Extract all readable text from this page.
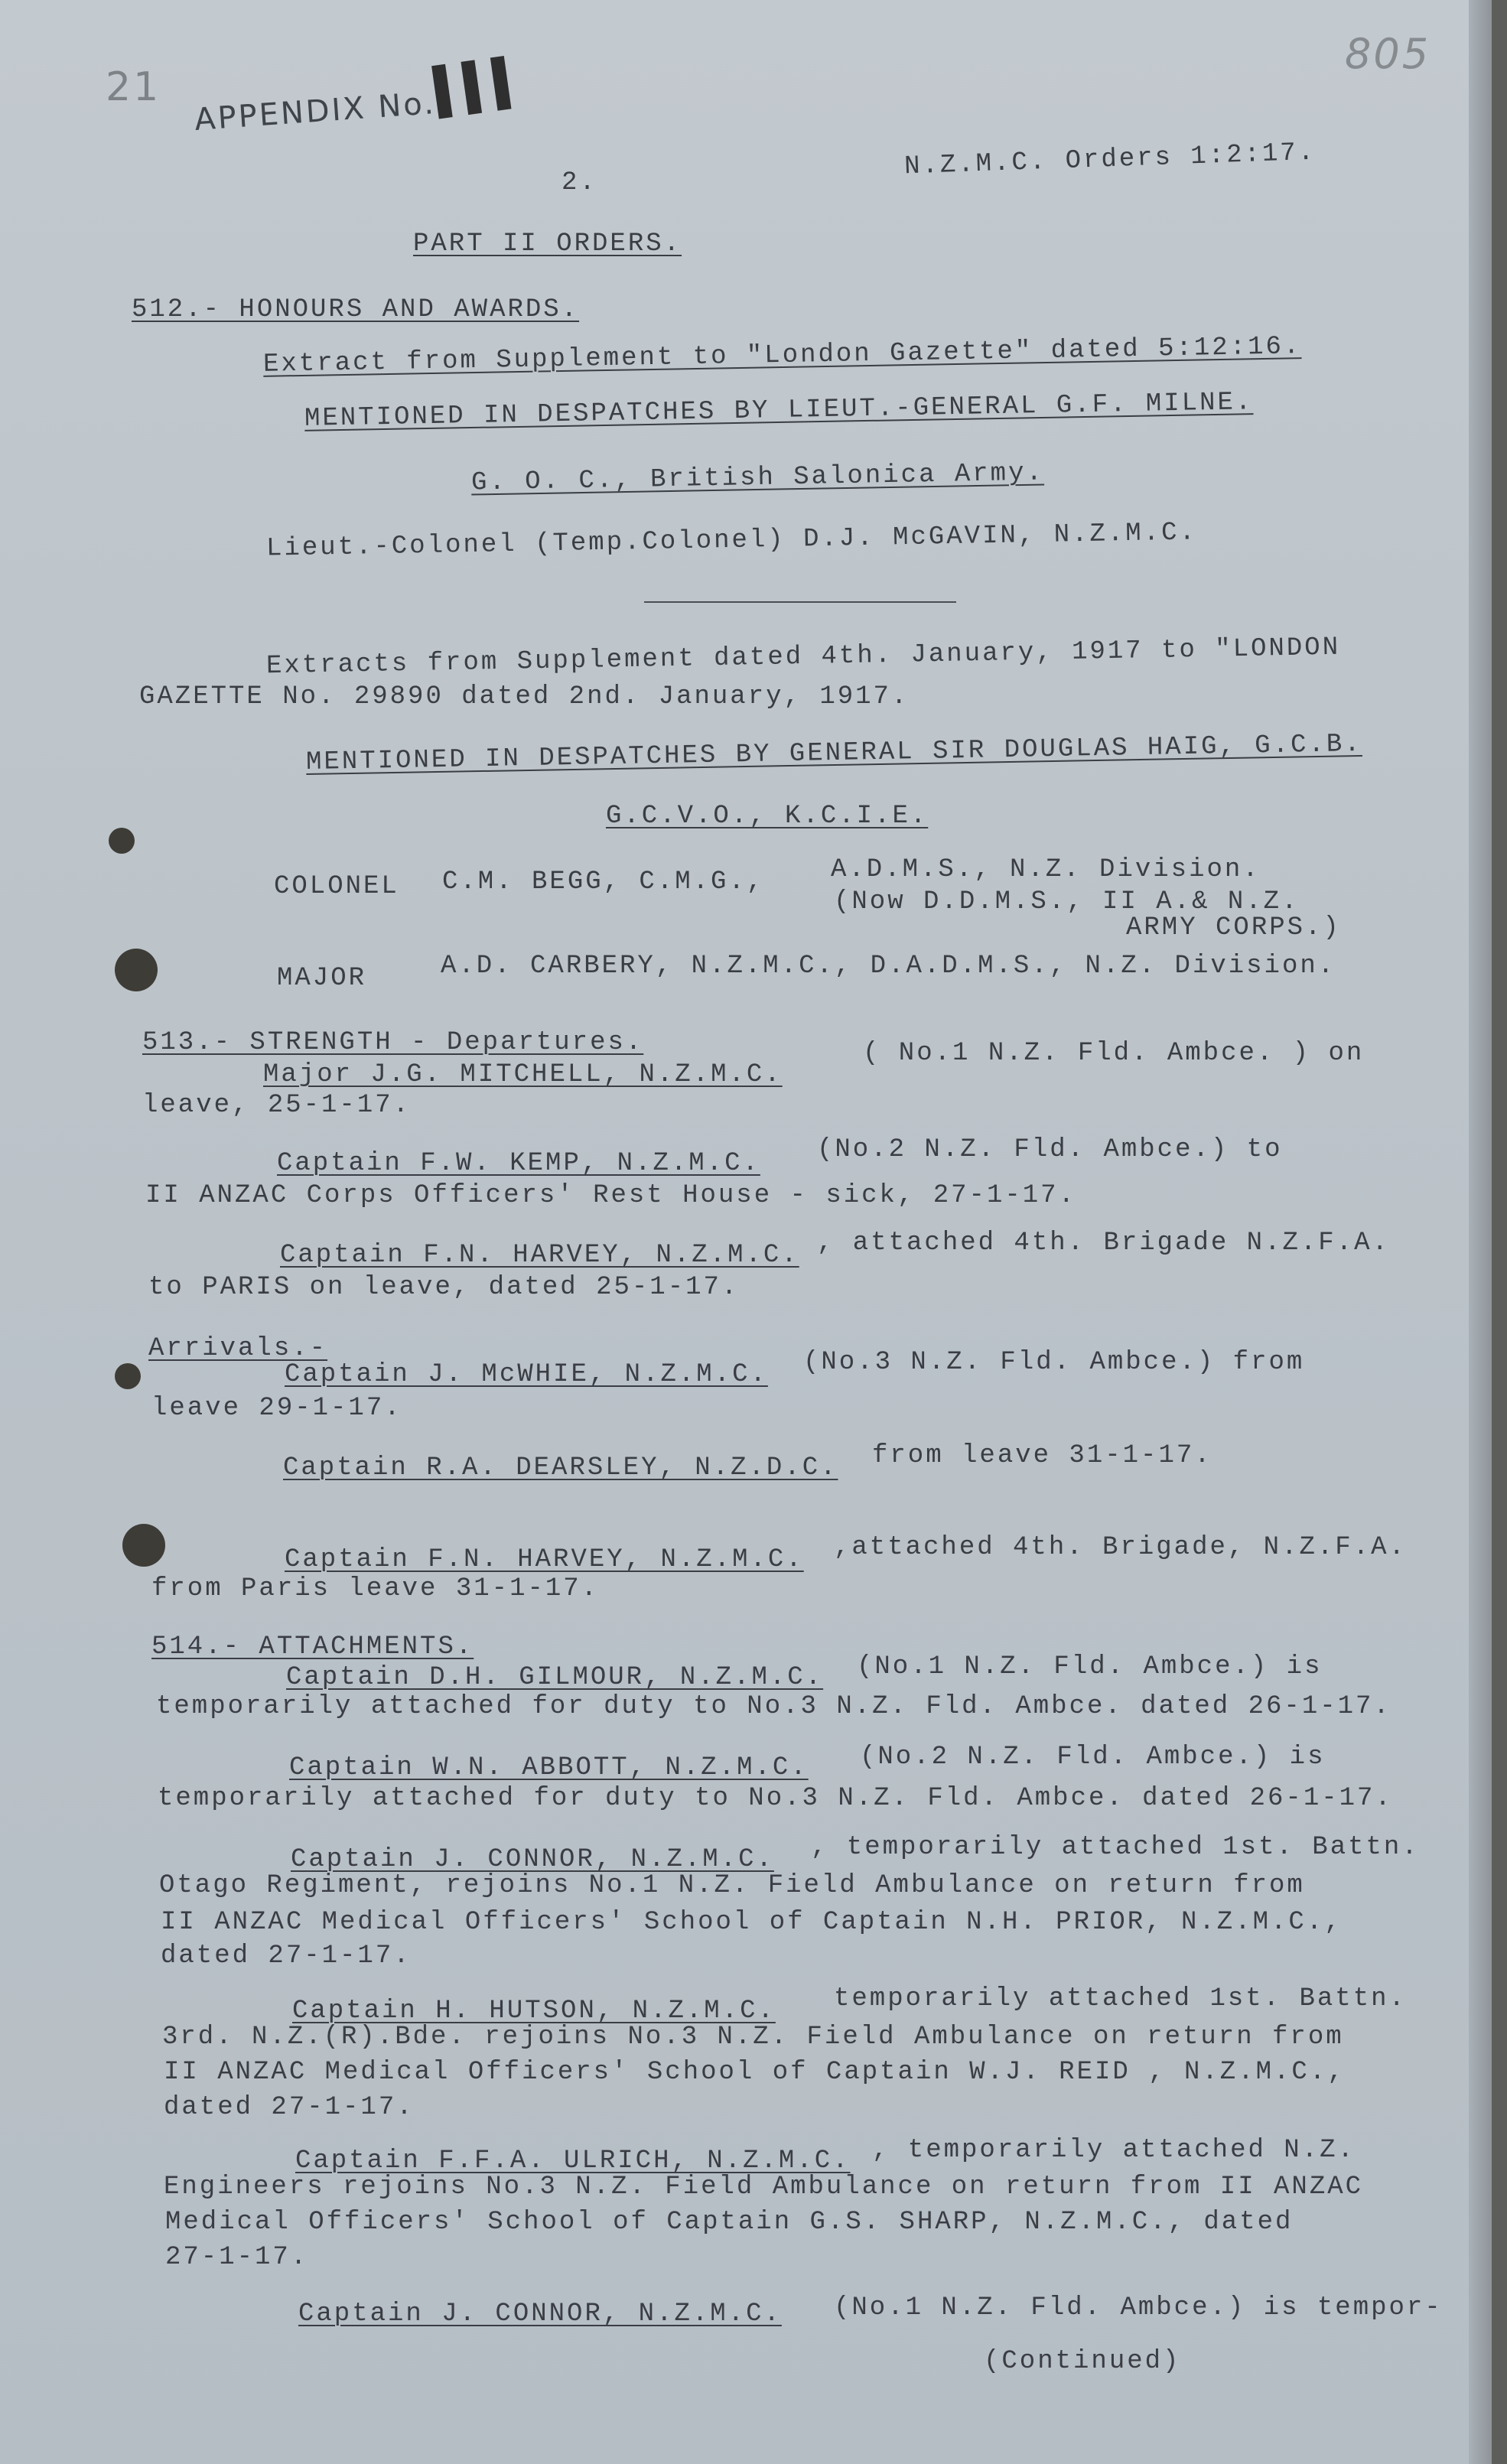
21
805
APPENDIX No.
III
2.
N.Z.M.C. Orders 1:2:17.
PART II ORDERS.
512.- HONOURS AND AWARDS.
Extract from Supplement to "London Gazette" dated 5:12:16.
MENTIONED IN DESPATCHES BY LIEUT.-GENERAL G.F. MILNE.
G. O. C., British Salonica Army.
Lieut.-Colonel (Temp.Colonel) D.J. McGAVIN, N.Z.M.C.
Extracts from Supplement dated 4th. January, 1917 to "LONDON
GAZETTE No. 29890 dated 2nd. January, 1917.
MENTIONED IN DESPATCHES BY GENERAL SIR DOUGLAS HAIG, G.C.B.
G.C.V.O., K.C.I.E.
COLONEL C.M. BEGG, C.M.G.,	A.D.M.S., N.Z. Division.
(Now D.D.M.S., II A.& N.Z.
ARMY CORPS.)
MAJOR	A.D. CARBERY, N.Z.M.C., D.A.D.M.S., N.Z. Division.
513.- STRENGTH - Departures.
Major J.G. MITCHELL, N.Z.M.C.
( No.1 N.Z. Fld. Ambce. ) on
leave, 25-1-17.
Captain F.W. KEMP, N.Z.M.C. (No.2 N.Z. Fld. Ambce.) to
II ANZAC Corps Officers' Rest House - sick, 27-1-17.
Captain F.N. HARVEY, N.Z.M.C. , attached 4th. Brigade N.Z.F.A.
to PARIS on leave, dated 25-1-17.
Arrivals.-
Captain J. McWHIE, N.Z.M.C. (No.3 N.Z. Fld. Ambce.) from
leave 29-1-17.
Captain R.A. DEARSLEY, N.Z.D.C. from leave 31-1-17.
Captain F.N. HARVEY, N.Z.M.C. ,attached 4th. Brigade, N.Z.F.A.
from Paris leave 31-1-17.
514.- ATTACHMENTS.
Captain D.H. GILMOUR, N.Z.M.C. (No.1 N.Z. Fld. Ambce.) is
temporarily attached for duty to No.3 N.Z. Fld. Ambce. dated 26-1-17.
Captain W.N. ABBOTT, N.Z.M.C. (No.2 N.Z. Fld. Ambce.) is
temporarily attached for duty to No.3 N.Z. Fld. Ambce. dated 26-1-17.
Captain J. CONNOR, N.Z.M.C. , temporarily attached 1st. Battn.
Otago Regiment, rejoins No.1 N.Z. Field Ambulance on return from
II ANZAC Medical Officers' School of Captain N.H. PRIOR, N.Z.M.C.,
dated 27-1-17.
Captain H. HUTSON, N.Z.M.C. temporarily attached 1st. Battn.
3rd. N.Z.(R).Bde. rejoins No.3 N.Z. Field Ambulance on return from
II ANZAC Medical Officers' School of Captain W.J. REID , N.Z.M.C.,
dated 27-1-17.
Captain F.F.A. ULRICH, N.Z.M.C. , temporarily attached N.Z.
Engineers rejoins No.3 N.Z. Field Ambulance on return from II ANZAC
Medical Officers' School of Captain G.S. SHARP, N.Z.M.C., dated
27-1-17.
Captain J. CONNOR, N.Z.M.C. (No.1 N.Z. Fld. Ambce.) is tempor-
(Continued)
